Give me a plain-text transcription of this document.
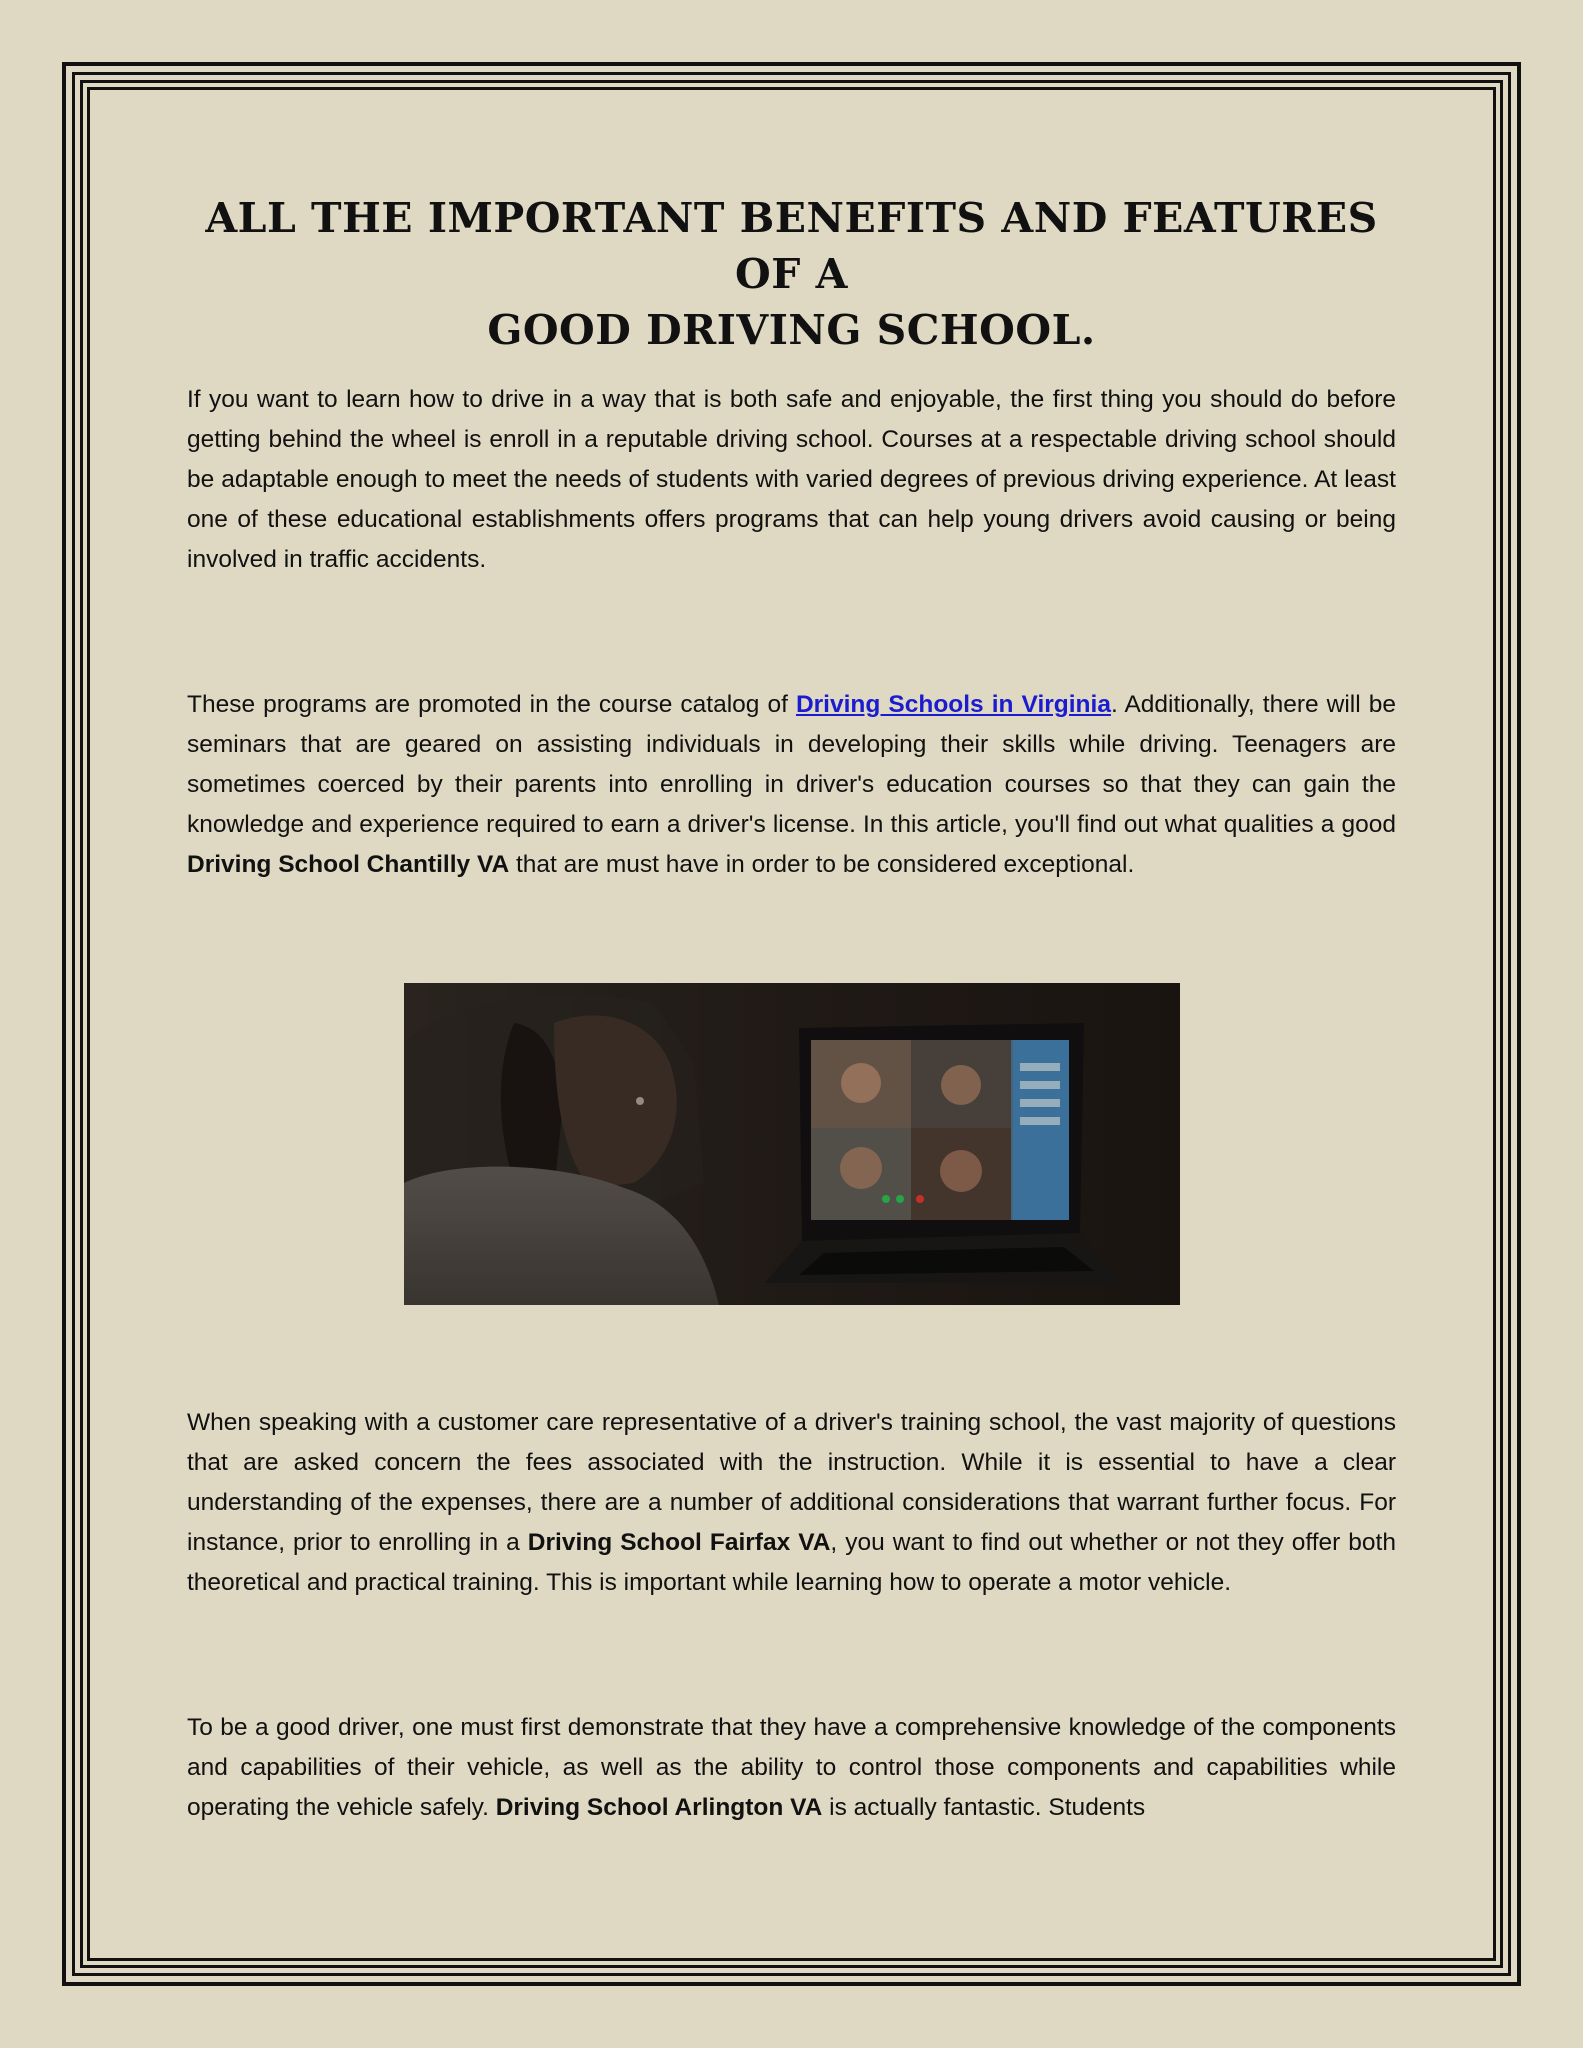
ALL THE IMPORTANT BENEFITS AND FEATURES OF A
GOOD DRIVING SCHOOL.

If you want to learn how to drive in a way that is both safe and enjoyable, the first thing you should do before getting behind the wheel is enroll in a reputable driving school. Courses at a respectable driving school should be adaptable enough to meet the needs of students with varied degrees of previous driving experience. At least one of these educational establishments offers programs that can help young drivers avoid causing or being involved in traffic accidents.

These programs are promoted in the course catalog of Driving Schools in Virginia. Additionally, there will be seminars that are geared on assisting individuals in developing their skills while driving. Teenagers are sometimes coerced by their parents into enrolling in driver's education courses so that they can gain the knowledge and experience required to earn a driver's license. In this article, you'll find out what qualities a good Driving School Chantilly VA that are must have in order to be considered exceptional.

When speaking with a customer care representative of a driver's training school, the vast majority of questions that are asked concern the fees associated with the instruction. While it is essential to have a clear understanding of the expenses, there are a number of additional considerations that warrant further focus. For instance, prior to enrolling in a Driving School Fairfax VA, you want to find out whether or not they offer both theoretical and practical training. This is important while learning how to operate a motor vehicle.

To be a good driver, one must first demonstrate that they have a comprehensive knowledge of the components and capabilities of their vehicle, as well as the ability to control those components and capabilities while operating the vehicle safely. Driving School Arlington VA is actually fantastic. Students
